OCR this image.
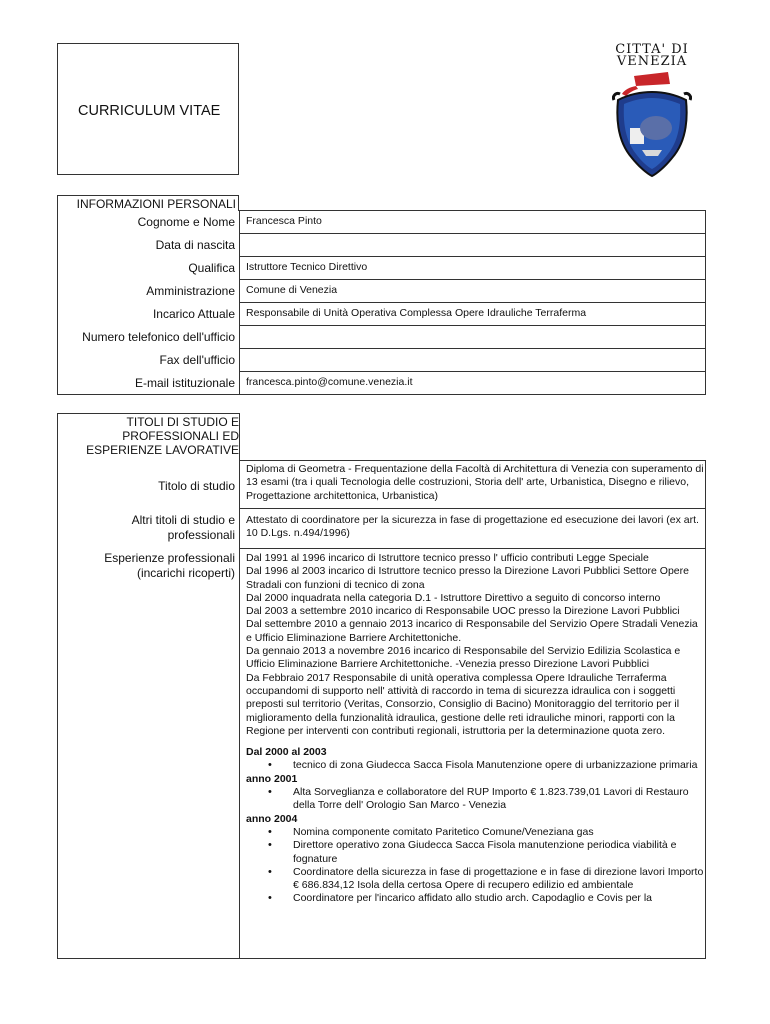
CURRICULUM VITAE
CITTA' DI
VENEZIA
INFORMAZIONI PERSONALI
Cognome e Nome Francesca Pinto
Data di nascita
Qualifica Istruttore Tecnico Direttivo
Amministrazione Comune di Venezia
Incarico Attuale Responsabile di Unità Operativa Complessa Opere Idrauliche Terraferma
Numero telefonico dell'ufficio
Fax dell'ufficio
E-mail istituzionale francesca.pinto@comune.venezia.it
TITOLI DI STUDIO E
PROFESSIONALI ED
ESPERIENZE LAVORATIVE
Titolo di studio
Diploma di Geometra - Frequentazione della Facoltà di Architettura di Venezia con superamento di 13 esami (tra i quali Tecnologia delle costruzioni, Storia dell' arte, Urbanistica, Disegno e rilievo, Progettazione architettonica, Urbanistica)
Altri titoli di studio e
professionali
Attestato di coordinatore per la sicurezza in fase di progettazione ed esecuzione dei lavori (ex art. 10 D.Lgs. n.494/1996)
Esperienze professionali
(incarichi ricoperti)

Dal 1991 al 1996 incarico di Istruttore tecnico presso l' ufficio contributi Legge Speciale

Dal 1996 al 2003 incarico di Istruttore tecnico presso la Direzione Lavori Pubblici Settore Opere Stradali con funzioni di tecnico di zona

Dal 2000 inquadrata nella categoria D.1 - Istruttore Direttivo a seguito di concorso interno

Dal 2003 a settembre 2010 incarico di Responsabile UOC presso la Direzione Lavori Pubblici

Dal settembre 2010 a gennaio 2013 incarico di Responsabile del Servizio Opere Stradali Venezia e Ufficio Eliminazione Barriere Architettoniche.

Da gennaio 2013 a novembre 2016 incarico di Responsabile del Servizio Edilizia Scolastica e Ufficio Eliminazione Barriere Architettoniche. -Venezia presso Direzione Lavori Pubblici

Da Febbraio 2017 Responsabile di unità operativa complessa Opere Idrauliche Terraferma occupandomi di supporto nell' attività di raccordo in tema di sicurezza idraulica con i soggetti preposti sul territorio (Veritas, Consorzio, Consiglio di Bacino) Monitoraggio del territorio per il miglioramento della funzionalità idraulica, gestione delle reti idrauliche minori, rapporti con la Regione per interventi con contributi regionali, istruttoria per la determinazione quota zero.

Dal 2000 al 2003

• tecnico di zona Giudecca Sacca Fisola Manutenzione opere di urbanizzazione primaria

anno 2001

• Alta Sorveglianza e collaboratore del RUP Importo € 1.823.739,01 Lavori di Restauro della Torre dell' Orologio San Marco - Venezia

anno 2004

• Nomina componente comitato Paritetico Comune/Veneziana gas
• Direttore operativo zona Giudecca Sacca Fisola manutenzione periodica viabilità e fognature
• Coordinatore della sicurezza in fase di progettazione e in fase di direzione lavori Importo € 686.834,12 Isola della certosa Opere di recupero edilizio ed ambientale
• Coordinatore per l'incarico affidato allo studio arch. Capodaglio e Covis per la
